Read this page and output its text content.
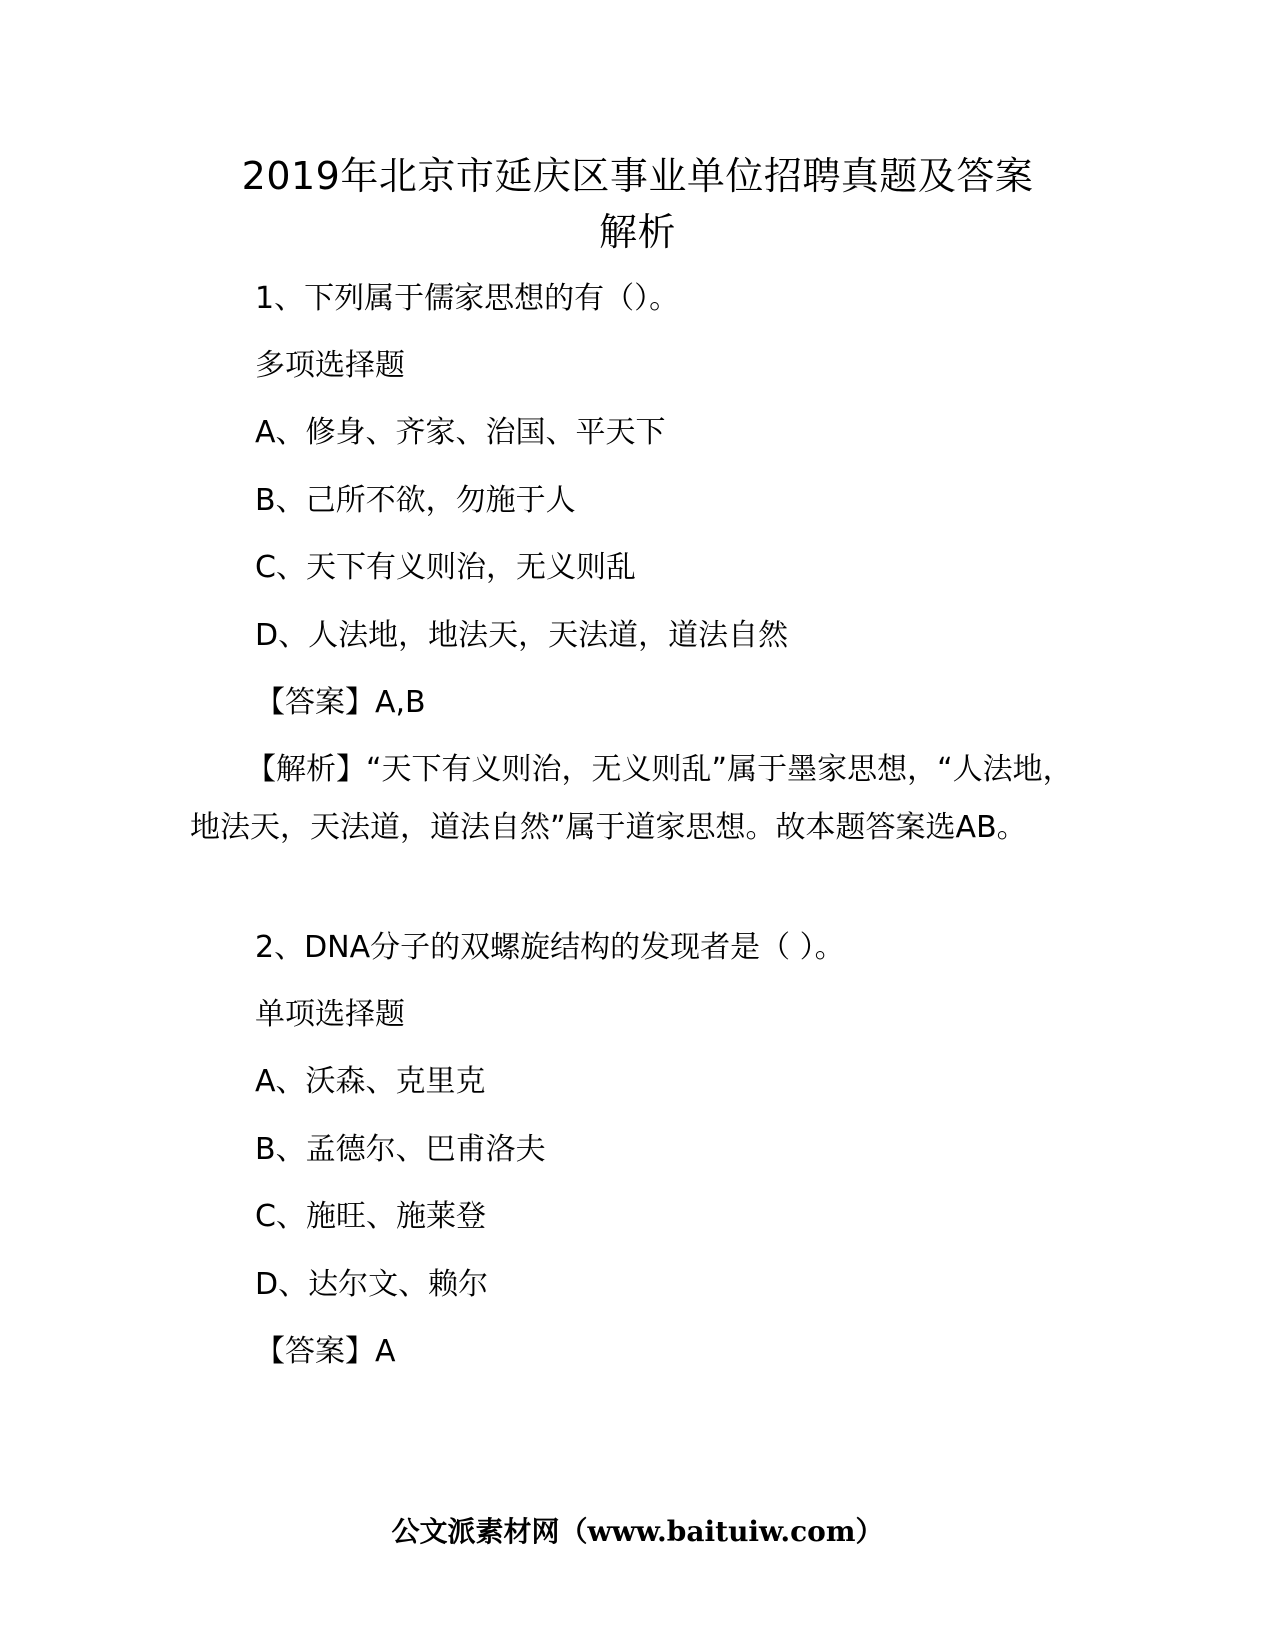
2019年北京市延庆区事业单位招聘真题及答案
解析
1、下列属于儒家思想的有（）。
多项选择题
A、修身、齐家、治国、平天下
B、己所不欲，勿施于人
C、天下有义则治，无义则乱
D、人法地，地法天，天法道，道法自然
【答案】A,B
【解析】“天下有义则治，无义则乱”属于墨家思想，“人法地，地法天，天法道，道法自然”属于道家思想。故本题答案选AB。
2、DNA分子的双螺旋结构的发现者是（ ）。
单项选择题
A、沃森、克里克
B、孟德尔、巴甫洛夫
C、施旺、施莱登
D、达尔文、赖尔
【答案】A
公文派素材网（www.baituiw.com）
